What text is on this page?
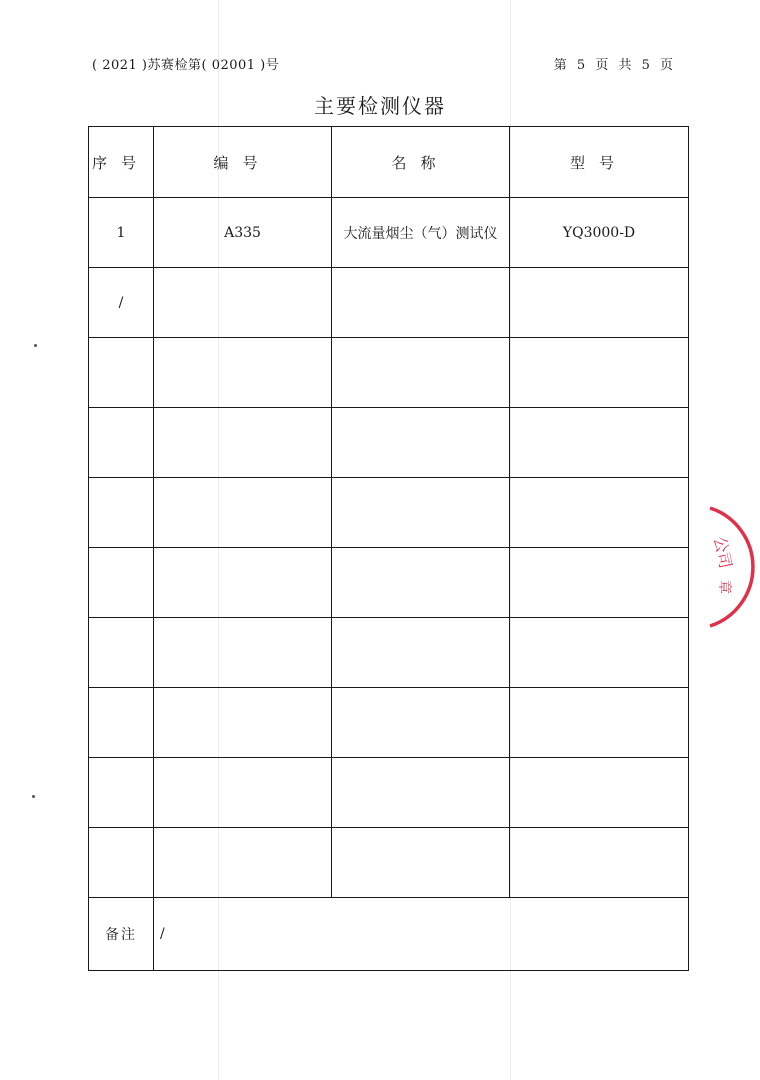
( 2021 )苏赛检第( 02001 )号	第 5 页 共 5 页
主要检测仪器
序号	编号	名称	型号
1	A335	大流量烟尘（气）测试仪	YQ3000-D
/			

备注	/		
公司
章
